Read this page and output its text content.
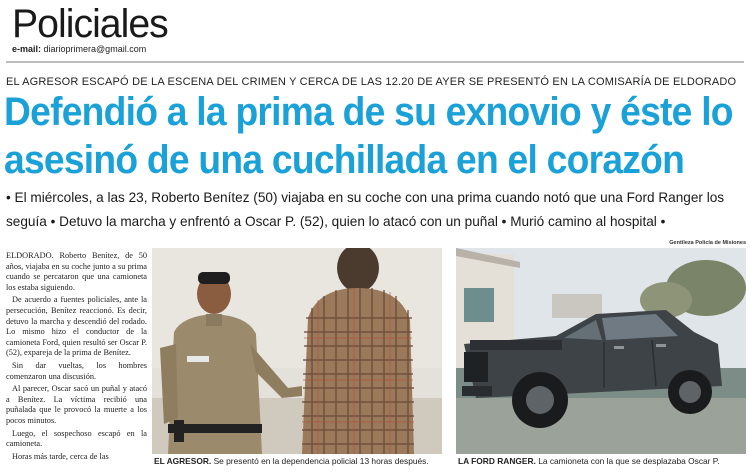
Policiales
e-mail: diarioprimera@gmail.com
EL AGRESOR ESCAPÓ DE LA ESCENA DEL CRIMEN Y CERCA DE LAS 12.20 DE AYER SE PRESENTÓ EN LA COMISARÍA DE ELDORADO
Defendió a la prima de su exnovio y éste lo
asesinó de una cuchillada en el corazón
• El miércoles, a las 23, Roberto Benítez (50) viajaba en su coche con una prima cuando notó que una Ford Ranger los seguía • Detuvo la marcha y enfrentó a Oscar P. (52), quien lo atacó con un puñal • Murió camino al hospital •
Gentileza Policía de Misiones

ELDORADO. Roberto Benítez, de 50 años, viajaba en su coche junto a su prima cuando se percataron que una camioneta los estaba siguiendo.

De acuerdo a fuentes policiales, ante la persecución, Benítez reaccionó. Es decir, detuvo la marcha y descendió del rodado. Lo mismo hizo el conductor de la camioneta Ford, quien resultó ser Oscar P. (52), expareja de la prima de Benítez.

Sin dar vueltas, los hombres comenzaron una discusión.

Al parecer, Oscar sacó un puñal y atacó a Benítez. La víctima recibió una puñalada que le provocó la muerte a los pocos minutos.

Luego, el sospechoso escapó en la camioneta.

Horas más tarde, cerca de las	EL AGRESOR. Se presentó en la dependencia policial 13 horas después.	LA FORD RANGER. La camioneta con la que se desplazaba Oscar P.
